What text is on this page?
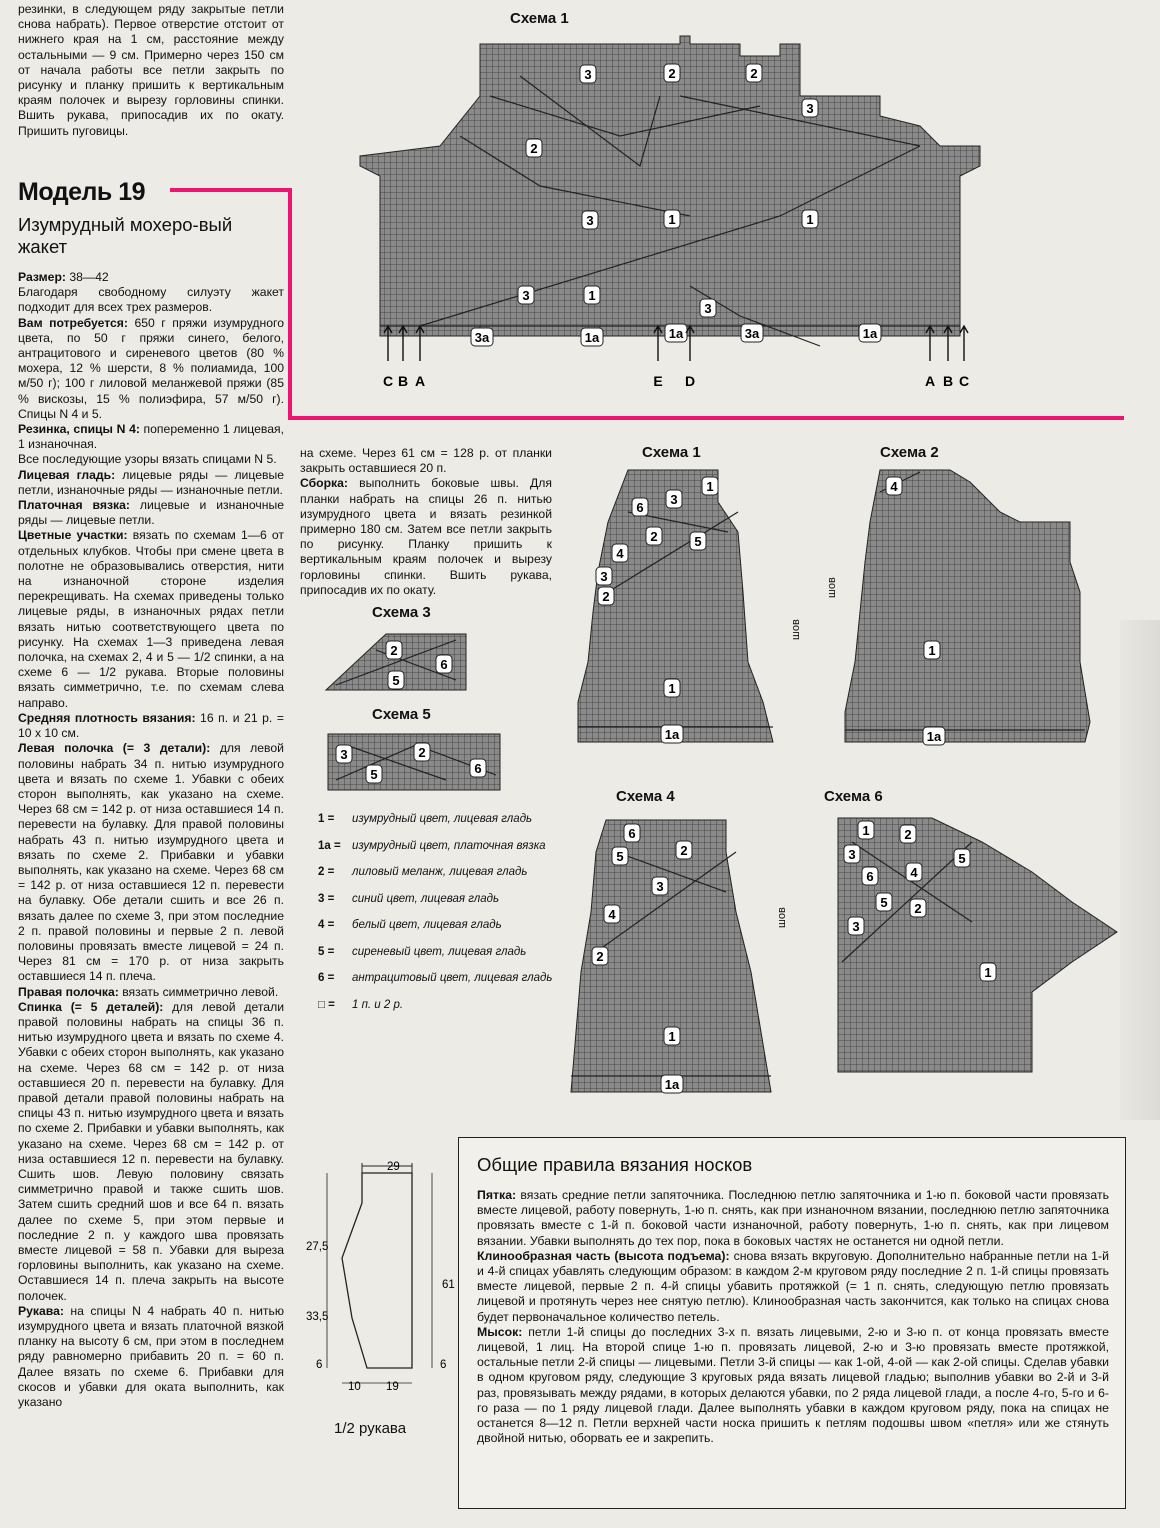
резинки, в следующем ряду закрытые петли снова набрать). Первое отверстие отстоит от нижнего края на 1 см, расстояние между остальными — 9 см. Примерно через 150 см от начала работы все петли закрыть по рисунку и планку пришить к вертикальным краям полочек и вырезу горловины спинки. Вшить рукава, припосадив их по окату. Пришить пуговицы.

Модель 19
Изумрудный мохеро-вый жакет

Размер: 38—42

Благодаря свободному силуэту жакет подходит для всех трех размеров.

Вам потребуется: 650 г пряжи изумрудного цвета, по 50 г пряжи синего, белого, антрацитового и сиреневого цветов (80 % мохера, 12 % шерсти, 8 % полиамида, 100 м/50 г); 100 г лиловой меланжевой пряжи (85 % вискозы, 15 % полиэфира, 57 м/50 г). Спицы N 4 и 5.

Резинка, спицы N 4: попеременно 1 лицевая, 1 изнаночная.

Все последующие узоры вязать спицами N 5.

Лицевая гладь: лицевые ряды — лицевые петли, изнаночные ряды — изнаночные петли.

Платочная вязка: лицевые и изнаночные ряды — лицевые петли.

Цветные участки: вязать по схемам 1—6 от отдельных клубков. Чтобы при смене цвета в полотне не образовывались отверстия, нити на изнаночной стороне изделия перекрещивать. На схемах приведены только лицевые ряды, в изнаночных рядах петли вязать нитью соответствующего цвета по рисунку. На схемах 1—3 приведена левая полочка, на схемах 2, 4 и 5 — 1/2 спинки, а на схеме 6 — 1/2 рукава. Вторые половины вязать симметрично, т.е. по схемам слева направо.

Средняя плотность вязания: 16 п. и 21 р. = 10 х 10 см.

Левая полочка (= 3 детали): для левой половины набрать 34 п. нитью изумрудного цвета и вязать по схеме 1. Убавки с обеих сторон выполнять, как указано на схеме. Через 68 см = 142 р. от низа оставшиеся 14 п. перевести на булавку. Для правой половины набрать 43 п. нитью изумрудного цвета и вязать по схеме 2. Прибавки и убавки выполнять, как указано на схеме. Через 68 см = 142 р. от низа оставшиеся 12 п. перевести на булавку. Обе детали сшить и все 26 п. вязать далее по схеме 3, при этом последние 2 п. правой половины и первые 2 п. левой половины провязать вместе лицевой = 24 п. Через 81 см = 170 р. от низа закрыть оставшиеся 14 п. плеча.

Правая полочка: вязать симметрично левой.

Спинка (= 5 деталей): для левой детали правой половины набрать на спицы 36 п. нитью изумрудного цвета и вязать по схеме 4. Убавки с обеих сторон выполнять, как указано на схеме. Через 68 см = 142 р. от низа оставшиеся 20 п. перевести на булавку. Для правой детали правой половины набрать на спицы 43 п. нитью изумрудного цвета и вязать по схеме 2. Прибавки и убавки выполнять, как указано на схеме. Через 68 см = 142 р. от низа оставшиеся 12 п. перевести на булавку. Сшить шов. Левую половину связать симметрично правой и также сшить шов. Затем сшить средний шов и все 64 п. вязать далее по схеме 5, при этом первые и последние 2 п. у каждого шва провязать вместе лицевой = 58 п. Убавки для выреза горловины выполнить, как указано на схеме. Оставшиеся 14 п. плеча закрыть на высоте полочек.

Рукава: на спицы N 4 набрать 40 п. нитью изумрудного цвета и вязать платочной вязкой планку на высоту 6 см, при этом в последнем ряду равномерно прибавить 20 п. = 60 п. Далее вязать по схеме 6. Прибавки для скосов и убавки для оката выполнить, как указано

на схеме. Через 61 см = 128 р. от планки закрыть оставшиеся 20 п.

Сборка: выполнить боковые швы. Для планки набрать на спицы 26 п. нитью изумрудного цвета и вязать резинкой примерно 180 см. Затем все петли закрыть по рисунку. Планку пришить к вертикальным краям полочек и вырезу горловины спинки. Вшить рукава, припосадив их по окату.

Схема 1
3	2	2
3
2
3	1	1
3	1
3
3a	1a	1a	3a	1a
C B A	E D	A B C
Схема 1
1
6
3
2	5
4
3
2
1
1a
шов
Схема 2
4
1
1a
шов
Схема 3
2
6
5
Схема 5
3	2
5	6
Схема 4
6
5	2
3
4
2
1
1a
шов
Схема 6
1
3
2
5
6	4
5 2
3
1
1 = изумрудный цвет, лицевая гладь
1a = изумрудный цвет, платочная вязка
2 = лиловый меланж, лицевая гладь
3 = синий цвет, лицевая гладь
4 = белый цвет, лицевая гладь
5 = сиреневый цвет, лицевая гладь
6 = антрацитовый цвет, лицевая гладь
□ = 1 п. и 2 р.
29
27,5
61
33,5
6	6
10 19
1/2 рукава
Общие правила вязания носков
Пятка: вязать средние петли запяточника. Последнюю петлю запяточника и 1-ю п. боковой части провязать вместе лицевой, работу повернуть, 1-ю п. снять, как при изнаночном вязании, последнюю петлю запяточника провязать вместе с 1-й п. боковой части изнаночной, работу повернуть, 1-ю п. снять, как при лицевом вязании. Убавки выполнять до тех пор, пока в боковых частях не останется ни одной петли.
Клинообразная часть (высота подъема): снова вязать вкруговую. Дополнительно набранные петли на 1-й и 4-й спицах убавлять следующим образом: в каждом 2-м круговом ряду последние 2 п. 1-й спицы провязать вместе лицевой, первые 2 п. 4-й спицы убавить протяжкой (= 1 п. снять, следующую петлю провязать лицевой и протянуть через нее снятую петлю). Клинообразная часть закончится, как только на спицах снова будет первоначальное количество петель.
Мысок: петли 1-й спицы до последних 3-х п. вязать лицевыми, 2-ю и 3-ю п. от конца провязать вместе лицевой, 1 лиц. На второй спице 1-ю п. провязать лицевой, 2-ю и 3-ю провязать вместе протяжкой, остальные петли 2-й спицы — лицевыми. Петли 3-й спицы — как 1-ой, 4-ой — как 2-ой спицы. Сделав убавки в одном круговом ряду, следующие 3 круговых ряда вязать лицевой гладью; выполнив убавки во 2-й и 3-й раз, провязывать между рядами, в которых делаются убавки, по 2 ряда лицевой глади, а после 4-го, 5-го и 6-го раза — по 1 ряду лицевой глади. Далее выполнять убавки в каждом круговом ряду, пока на спицах не останется 8—12 п. Петли верхней части носка пришить к петлям подошвы швом «петля» или же стянуть двойной нитью, оборвать ее и закрепить.
